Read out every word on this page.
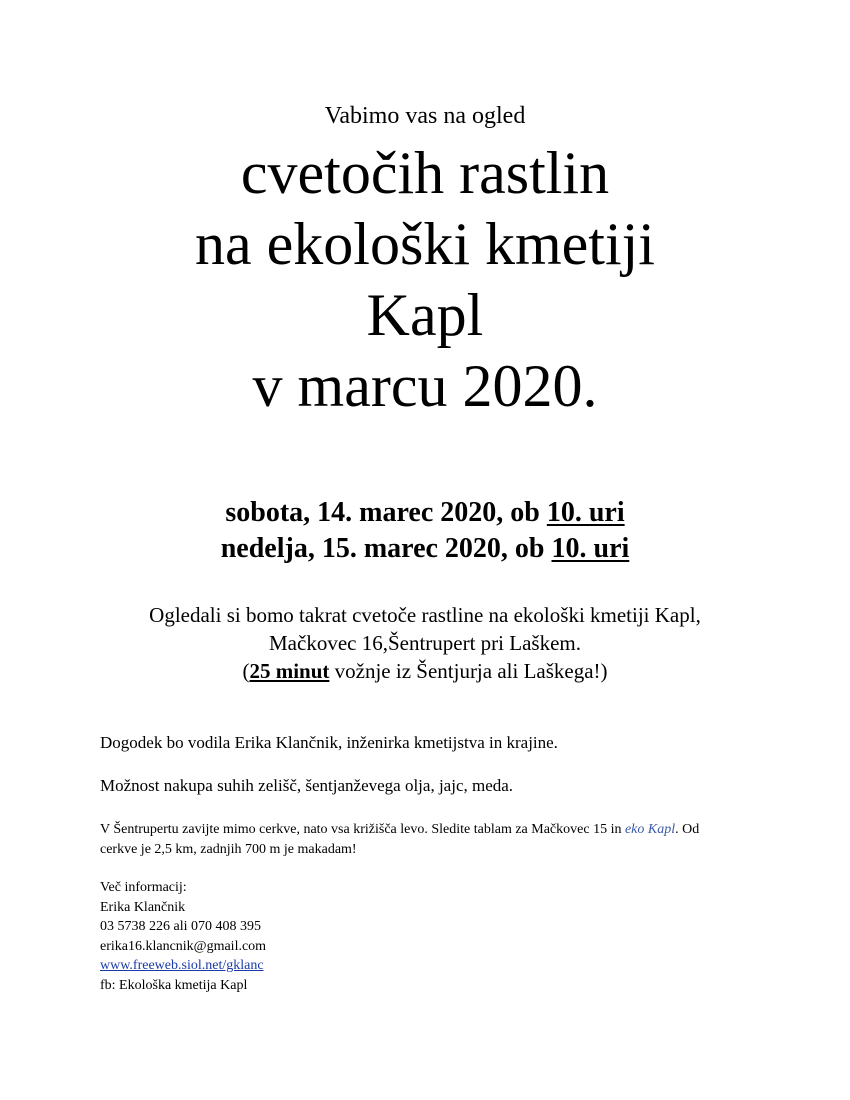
Vabimo vas na ogled
cvetočih rastlin
na ekološki kmetiji
Kapl
v marcu 2020.
sobota, 14. marec 2020, ob 10. uri
nedelja, 15. marec 2020, ob 10. uri
Ogledali si bomo takrat cvetoče rastline na ekološki kmetiji Kapl,
Mačkovec 16,Šentrupert pri Laškem.
(25 minut vožnje iz Šentjurja ali Laškega!)
Dogodek bo vodila Erika Klančnik, inženirka kmetijstva in krajine.
Možnost nakupa suhih zelišč, šentjanževega olja, jajc, meda.
V Šentrupertu zavijte mimo cerkve, nato vsa križišča levo. Sledite tablam za Mačkovec 15 in eko Kapl. Od cerkve je 2,5 km, zadnjih 700 m je makadam!
Več informacij:
Erika Klančnik
03 5738 226 ali 070 408 395
erika16.klancnik@gmail.com
www.freeweb.siol.net/gklanc
fb: Ekološka kmetija Kapl
